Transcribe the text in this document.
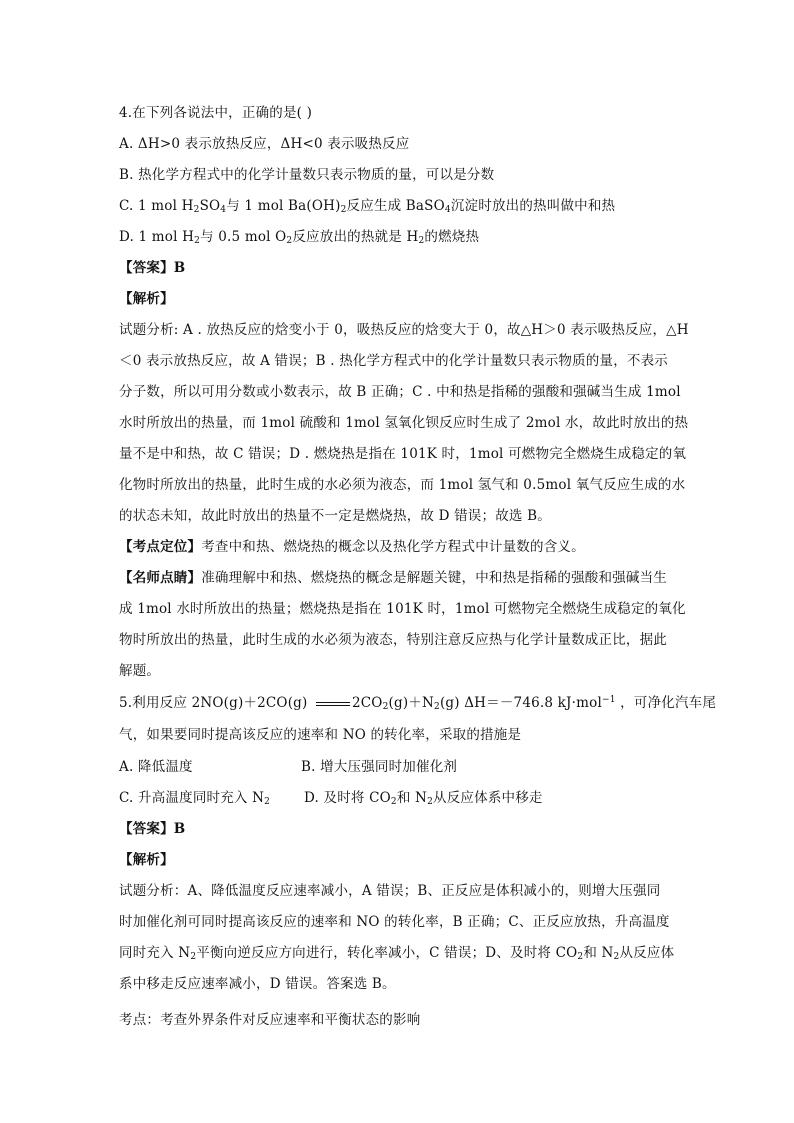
4.在下列各说法中，正确的是( )
A. ΔH>0 表示放热反应，ΔH<0 表示吸热反应
B. 热化学方程式中的化学计量数只表示物质的量，可以是分数
C. 1 mol $H_2SO_4$与 1 mol $Ba(OH)_2$反应生成 BaSO$_4$沉淀时放出的热叫做中和热
D. 1 mol $H_2$与 0.5 mol $O_2$反应放出的热就是 $H_2$的燃烧热
【答案】B
【解析】
试题分析: A . 放热反应的焓变小于 0，吸热反应的焓变大于 0，故△H＞0 表示吸热反应，△H
＜0 表示放热反应，故 A 错误；B . 热化学方程式中的化学计量数只表示物质的量，不表示
分子数，所以可用分数或小数表示，故 B 正确；C . 中和热是指稀的强酸和强碱当生成 1mol
水时所放出的热量，而 1mol 硫酸和 1mol 氢氧化钡反应时生成了 2mol 水，故此时放出的热
量不是中和热，故 C 错误；D . 燃烧热是指在 101K 时，1mol 可燃物完全燃烧生成稳定的氧
化物时所放出的热量，此时生成的水必须为液态，而 1mol 氢气和 0.5mol 氧气反应生成的水
的状态未知，故此时放出的热量不一定是燃烧热，故 D 错误；故选 B。
【考点定位】考查中和热、燃烧热的概念以及热化学方程式中计量数的含义。
【名师点睛】准确理解中和热、燃烧热的概念是解题关键，中和热是指稀的强酸和强碱当生
成 1mol 水时所放出的热量；燃烧热是指在 101K 时，1mol 可燃物完全燃烧生成稳定的氧化
物时所放出的热量，此时生成的水必须为液态，特别注意反应热与化学计量数成正比，据此
解题。
5.利用反应 2NO(g)＋2CO(g)	$2CO_2(g)+N_2(g)$ ΔH＝－746.8 kJ·mol$^{-1}$ ，可净化汽车尾
气，如果要同时提高该反应的速率和 NO 的转化率，采取的措施是
A. 降低温度	B. 增大压强同时加催化剂
C. 升高温度同时充入 $N_2$	D. 及时将 $CO_2$和 $N_2$从反应体系中移走
【答案】B
【解析】
试题分析：A、降低温度反应速率减小，A 错误；B、正反应是体积减小的，则增大压强同
时加催化剂可同时提高该反应的速率和 NO 的转化率，B 正确；C、正反应放热，升高温度
同时充入 $N_2$平衡向逆反应方向进行，转化率减小，C 错误；D、及时将 $CO_2$和 $N_2$从反应体
系中移走反应速率减小，D 错误。答案选 B。
考点：考查外界条件对反应速率和平衡状态的影响
